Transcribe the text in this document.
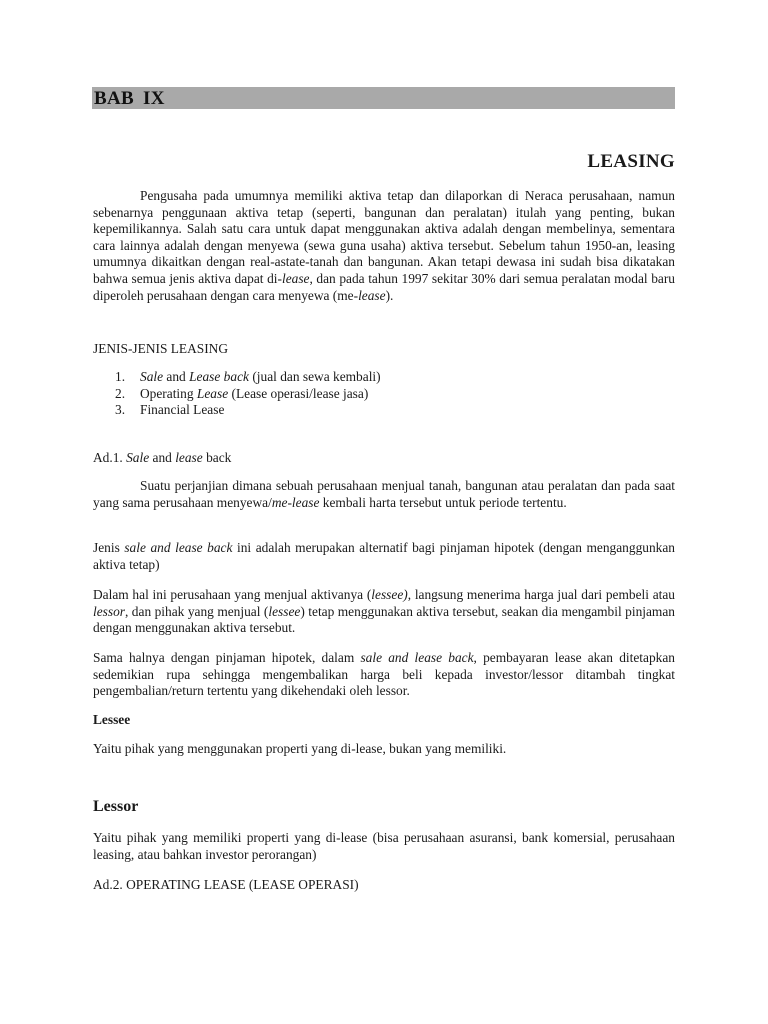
BAB IX
LEASING

Pengusaha pada umumnya memiliki aktiva tetap dan dilaporkan di Neraca perusahaan, namun sebenarnya penggunaan aktiva tetap (seperti, bangunan dan peralatan) itulah yang penting, bukan kepemilikannya. Salah satu cara untuk dapat menggunakan aktiva adalah dengan membelinya, sementara cara lainnya adalah dengan menyewa (sewa guna usaha) aktiva tersebut. Sebelum tahun 1950-an, leasing umumnya dikaitkan dengan real-astate-tanah dan bangunan. Akan tetapi dewasa ini sudah bisa dikatakan bahwa semua jenis aktiva dapat di-lease, dan pada tahun 1997 sekitar 30% dari semua peralatan modal baru diperoleh perusahaan dengan cara menyewa (me-lease).

JENIS-JENIS LEASING

1. Sale and Lease back (jual dan sewa kembali)
2. Operating Lease (Lease operasi/lease jasa)
3. Financial Lease

Ad.1. Sale and lease back

Suatu perjanjian dimana sebuah perusahaan menjual tanah, bangunan atau peralatan dan pada saat yang sama perusahaan menyewa/me-lease kembali harta tersebut untuk periode tertentu.

Jenis sale and lease back ini adalah merupakan alternatif bagi pinjaman hipotek (dengan menganggunkan aktiva tetap)

Dalam hal ini perusahaan yang menjual aktivanya (lessee), langsung menerima harga jual dari pembeli atau lessor, dan pihak yang menjual (lessee) tetap menggunakan aktiva tersebut, seakan dia mengambil pinjaman dengan menggunakan aktiva tersebut.

Sama halnya dengan pinjaman hipotek, dalam sale and lease back, pembayaran lease akan ditetapkan sedemikian rupa sehingga mengembalikan harga beli kepada investor/lessor ditambah tingkat pengembalian/return tertentu yang dikehendaki oleh lessor.

Lessee

Yaitu pihak yang menggunakan properti yang di-lease, bukan yang memiliki.

Lessor

Yaitu pihak yang memiliki properti yang di-lease (bisa perusahaan asuransi, bank komersial, perusahaan leasing, atau bahkan investor perorangan)

Ad.2. OPERATING LEASE (LEASE OPERASI)
